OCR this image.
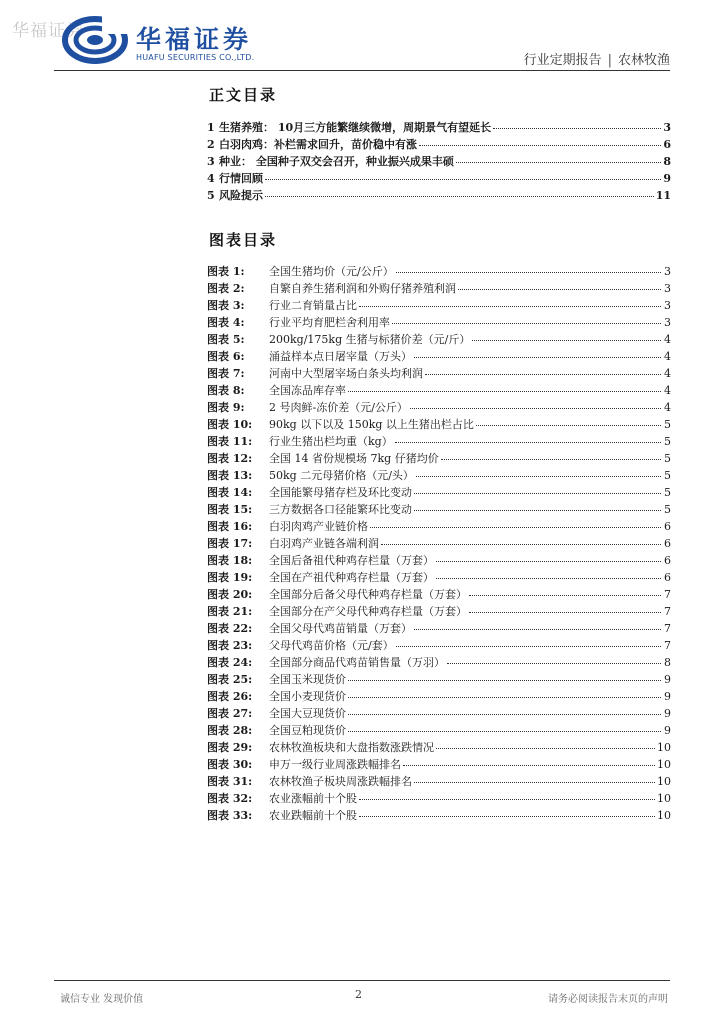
华福证券 华福证券
HUAFU SECURITIES CO.,LTD.	行业定期报告 | 农林牧渔
正文目录
1 生猪养殖： 10月三方能繁继续微增，周期景气有望延长	3
2 白羽肉鸡：补栏需求回升，苗价稳中有涨	6
3 种业： 全国种子双交会召开，种业振兴成果丰硕	8
4 行情回顾	9
5 风险提示	11
图表目录
图表 1:	全国生猪均价（元/公斤）	3
图表 2:	自繁自养生猪利润和外购仔猪养殖利润	3
图表 3:	行业二育销量占比	3
图表 4:	行业平均育肥栏舍利用率	3
图表 5:	200kg/175kg 生猪与标猪价差（元/斤）	4
图表 6:	涌益样本点日屠宰量（万头）	4
图表 7:	河南中大型屠宰场白条头均利润	4
图表 8:	全国冻品库存率	4
图表 9:	2 号肉鲜-冻价差（元/公斤）	4
图表 10:	90kg 以下以及 150kg 以上生猪出栏占比	5
图表 11:	行业生猪出栏均重（kg）	5
图表 12:	全国 14 省份规模场 7kg 仔猪均价	5
图表 13:	50kg 二元母猪价格（元/头）	5
图表 14:	全国能繁母猪存栏及环比变动	5
图表 15:	三方数据各口径能繁环比变动	5
图表 16:	白羽肉鸡产业链价格	6
图表 17:	白羽鸡产业链各端利润	6
图表 18:	全国后备祖代种鸡存栏量（万套）	6
图表 19:	全国在产祖代种鸡存栏量（万套）	6
图表 20:	全国部分后备父母代种鸡存栏量（万套）	7
图表 21:	全国部分在产父母代种鸡存栏量（万套）	7
图表 22:	全国父母代鸡苗销量（万套）	7
图表 23:	父母代鸡苗价格（元/套）	7
图表 24:	全国部分商品代鸡苗销售量（万羽）	8
图表 25:	全国玉米现货价	9
图表 26:	全国小麦现货价	9
图表 27:	全国大豆现货价	9
图表 28:	全国豆粕现货价	9
图表 29:	农林牧渔板块和大盘指数涨跌情况	10
图表 30:	申万一级行业周涨跌幅排名	10
图表 31:	农林牧渔子板块周涨跌幅排名	10
图表 32:	农业涨幅前十个股	10
图表 33:	农业跌幅前十个股	10
诚信专业 发现价值	2	请务必阅读报告末页的声明
